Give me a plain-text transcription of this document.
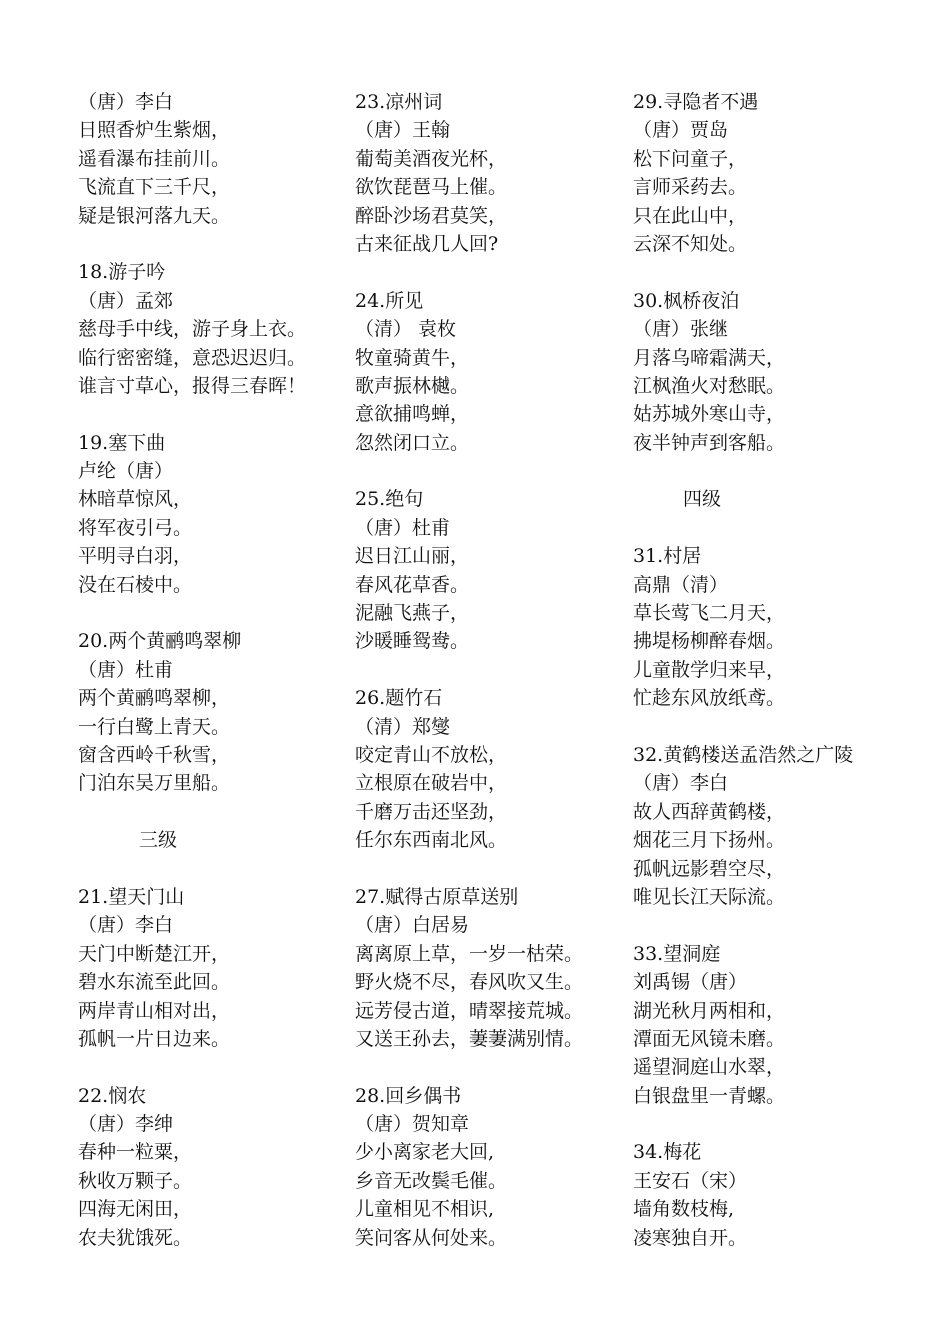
（唐）李白
日照香炉生紫烟，
遥看瀑布挂前川。
飞流直下三千尺，
疑是银河落九天。
18.游子吟
（唐）孟郊
慈母手中线，游子身上衣。
临行密密缝，意恐迟迟归。
谁言寸草心，报得三春晖！
19.塞下曲
卢纶（唐）
林暗草惊风，
将军夜引弓。
平明寻白羽，
没在石棱中。
20.两个黄鹂鸣翠柳
（唐）杜甫
两个黄鹂鸣翠柳，
一行白鹭上青天。
窗含西岭千秋雪，
门泊东吴万里船。
三级
21.望天门山
（唐）李白
天门中断楚江开，
碧水东流至此回。
两岸青山相对出，
孤帆一片日边来。
22.悯农
（唐）李绅
春种一粒粟，
秋收万颗子。
四海无闲田，
农夫犹饿死。
23.凉州词
（唐）王翰
葡萄美酒夜光杯，
欲饮琵琶马上催。
醉卧沙场君莫笑，
古来征战几人回?
24.所见
（清） 袁枚
牧童骑黄牛，
歌声振林樾。
意欲捕鸣蝉，
忽然闭口立。
25.绝句
（唐）杜甫
迟日江山丽，
春风花草香。
泥融飞燕子，
沙暖睡鸳鸯。
26.题竹石
（清）郑燮
咬定青山不放松，
立根原在破岩中，
千磨万击还坚劲，
任尔东西南北风。
27.赋得古原草送别
（唐）白居易
离离原上草，一岁一枯荣。
野火烧不尽，春风吹又生。
远芳侵古道，晴翠接荒城。
又送王孙去，萋萋满别情。
28.回乡偶书
（唐）贺知章
少小离家老大回,
乡音无改鬓毛催。
儿童相见不相识,
笑问客从何处来。
29.寻隐者不遇
（唐）贾岛
松下问童子，
言师采药去。
只在此山中，
云深不知处。
30.枫桥夜泊
（唐）张继
月落乌啼霜满天，
江枫渔火对愁眠。
姑苏城外寒山寺，
夜半钟声到客船。
四级
31.村居
高鼎（清）
草长莺飞二月天，
拂堤杨柳醉春烟。
儿童散学归来早，
忙趁东风放纸鸢。
32.黄鹤楼送孟浩然之广陵
（唐）李白
故人西辞黄鹤楼，
烟花三月下扬州。
孤帆远影碧空尽，
唯见长江天际流。
33.望洞庭
刘禹锡（唐）
湖光秋月两相和，
潭面无风镜未磨。
遥望洞庭山水翠，
白银盘里一青螺。
34.梅花
王安石（宋）
墙角数枝梅,
凌寒独自开。
